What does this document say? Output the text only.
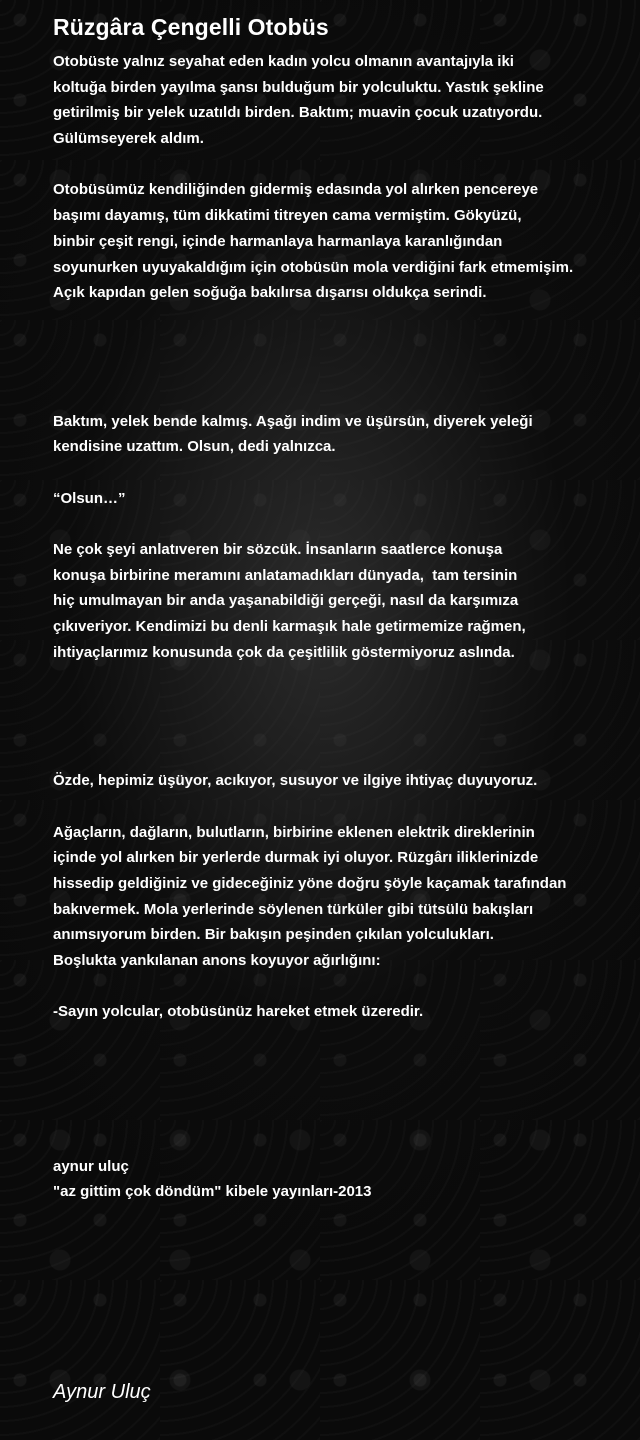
Rüzgâra Çengelli Otobüs
Otobüste yalnız seyahat eden kadın yolcu olmanın avantajıyla iki
koltuğa birden yayılma şansı bulduğum bir yolculuktu. Yastık şekline
getirilmiş bir yelek uzatıldı birden. Baktım; muavin çocuk uzatıyordu.
Gülümseyerek aldım.
Otobüsümüz kendiliğinden gidermiş edasında yol alırken pencereye
başımı dayamış, tüm dikkatimi titreyen cama vermiştim. Gökyüzü,
binbir çeşit rengi, içinde harmanlaya harmanlaya karanlığından
soyunurken uyuyakaldığım için otobüsün mola verdiğini fark etmemişim.
Açık kapıdan gelen soğuğa bakılırsa dışarısı oldukça serindi.
Baktım, yelek bende kalmış. Aşağı indim ve üşürsün, diyerek yeleği
kendisine uzattım. Olsun, dedi yalnızca.
“Olsun…”
Ne çok şeyi anlatıveren bir sözcük. İnsanların saatlerce konuşa
konuşa birbirine meramını anlatamadıkları dünyada,  tam tersinin
hiç umulmayan bir anda yaşanabildiği gerçeği, nasıl da karşımıza
çıkıveriyor. Kendimizi bu denli karmaşık hale getirmemize rağmen,
ihtiyaçlarımız konusunda çok da çeşitlilik göstermiyoruz aslında.
Özde, hepimiz üşüyor, acıkıyor, susuyor ve ilgiye ihtiyaç duyuyoruz.
Ağaçların, dağların, bulutların, birbirine eklenen elektrik direklerinin
içinde yol alırken bir yerlerde durmak iyi oluyor. Rüzgârı iliklerinizde
hissedip geldiğiniz ve gideceğiniz yöne doğru şöyle kaçamak tarafından
bakıvermek. Mola yerlerinde söylenen türküler gibi tütsülü bakışları
anımsıyorum birden. Bir bakışın peşinden çıkılan yolculukları.
Boşlukta yankılanan anons koyuyor ağırlığını:
-Sayın yolcular, otobüsünüz hareket etmek üzeredir.
aynur uluç
"az gittim çok döndüm" kibele yayınları-2013

Aynur Uluç
